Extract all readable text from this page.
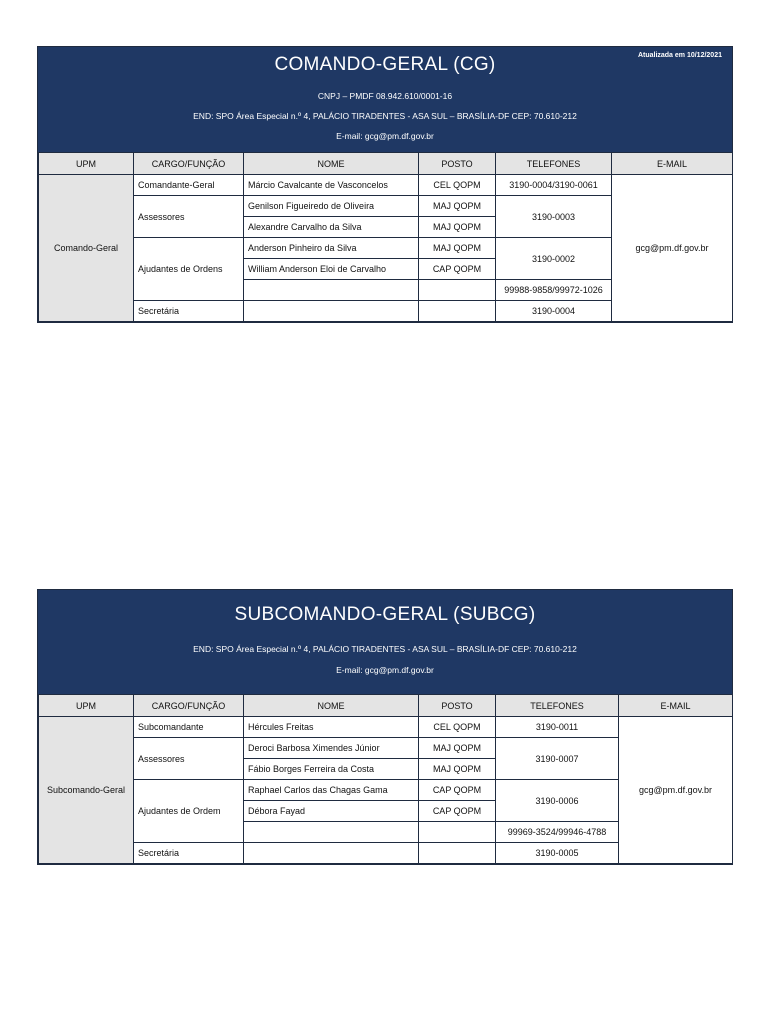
COMANDO-GERAL (CG)	Atualizada em 10/12/2021
CNPJ – PMDF 08.942.610/0001-16
END: SPO Área Especial n.º 4, PALÁCIO TIRADENTES - ASA SUL – BRASÍLIA-DF CEP: 70.610-212
E-mail: gcg@pm.df.gov.br
UPM	CARGO/FUNÇÃO	NOME	POSTO	TELEFONES	E-MAIL
Comando-Geral	Comandante-Geral	Márcio Cavalcante de Vasconcelos	CEL QOPM	3190-0004/3190-0061	gcg@pm.df.gov.br
	Assessores	Genilson Figueiredo de Oliveira	MAJ QOPM	3190-0003	
		Alexandre Carvalho da Silva	MAJ QOPM		
	Ajudantes de Ordens	Anderson Pinheiro da Silva	MAJ QOPM	3190-0002	
		William Anderson Eloi de Carvalho	CAP QOPM		
				99988-9858/99972-1026	
	Secretária			3190-0004	
SUBCOMANDO-GERAL (SUBCG)
END: SPO Área Especial n.º 4, PALÁCIO TIRADENTES - ASA SUL – BRASÍLIA-DF CEP: 70.610-212
E-mail: gcg@pm.df.gov.br
UPM	CARGO/FUNÇÃO	NOME	POSTO	TELEFONES	E-MAIL
Subcomando-Geral	Subcomandante	Hércules Freitas	CEL QOPM	3190-0011	gcg@pm.df.gov.br
	Assessores	Deroci Barbosa Ximendes Júnior	MAJ QOPM	3190-0007	
		Fábio Borges Ferreira da Costa	MAJ QOPM		
	Ajudantes de Ordem	Raphael Carlos das Chagas Gama	CAP QOPM	3190-0006	
		Débora Fayad	CAP QOPM		
				99969-3524/99946-4788	
	Secretária			3190-0005	
